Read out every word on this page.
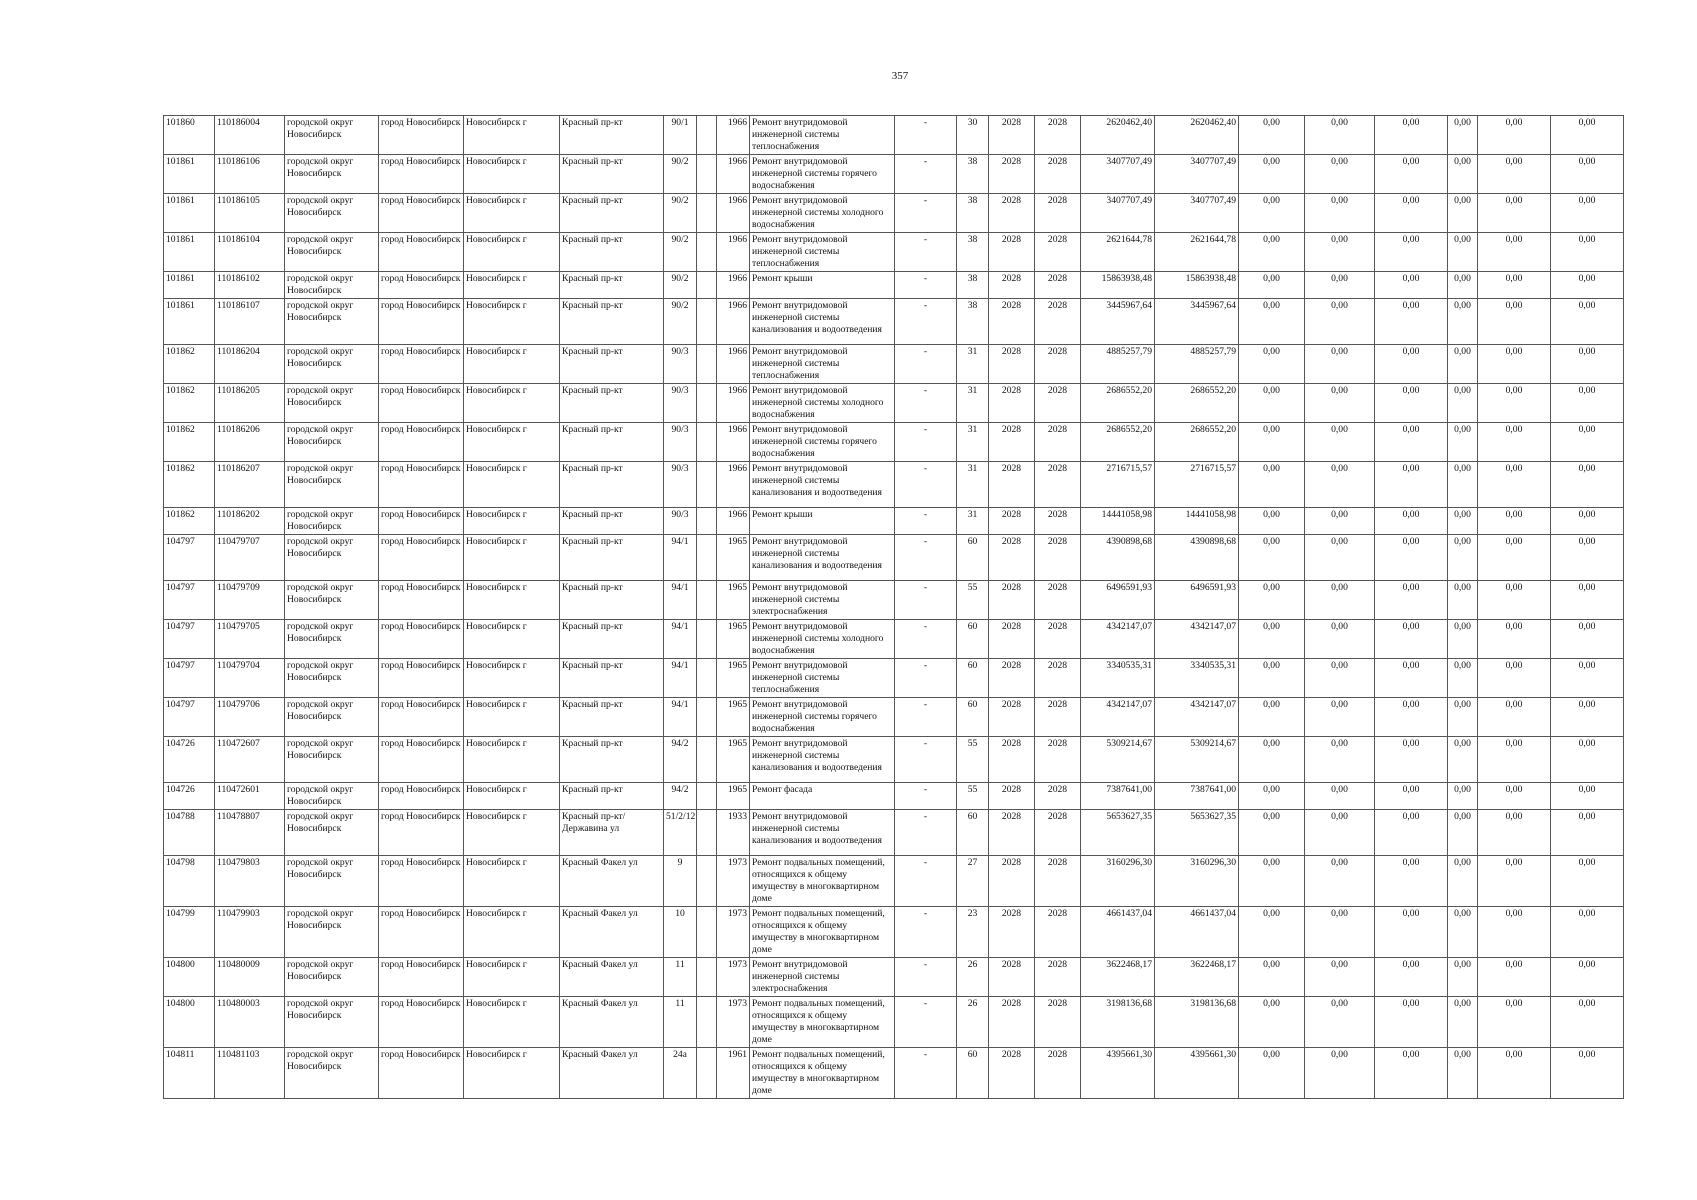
357
101860	110186004	городской округ Новосибирск	город Новосибирск	Новосибирск г	Красный пр-кт	90/1		1966	Ремонт внутридомовой инженерной системы теплоснабжения	-	30	2028	2028	2620462,40	2620462,40	0,00	0,00	0,00	0,00	0,00	0,00
101861	110186106	городской округ Новосибирск	город Новосибирск	Новосибирск г	Красный пр-кт	90/2		1966	Ремонт внутридомовой инженерной системы горячего водоснабжения	-	38	2028	2028	3407707,49	3407707,49	0,00	0,00	0,00	0,00	0,00	0,00
101861	110186105	городской округ Новосибирск	город Новосибирск	Новосибирск г	Красный пр-кт	90/2		1966	Ремонт внутридомовой инженерной системы холодного водоснабжения	-	38	2028	2028	3407707,49	3407707,49	0,00	0,00	0,00	0,00	0,00	0,00
101861	110186104	городской округ Новосибирск	город Новосибирск	Новосибирск г	Красный пр-кт	90/2		1966	Ремонт внутридомовой инженерной системы теплоснабжения	-	38	2028	2028	2621644,78	2621644,78	0,00	0,00	0,00	0,00	0,00	0,00
101861	110186102	городской округ Новосибирск	город Новосибирск	Новосибирск г	Красный пр-кт	90/2		1966	Ремонт крыши	-	38	2028	2028	15863938,48	15863938,48	0,00	0,00	0,00	0,00	0,00	0,00
101861	110186107	городской округ Новосибирск	город Новосибирск	Новосибирск г	Красный пр-кт	90/2		1966	Ремонт внутридомовой инженерной системы канализования и водоотведения	-	38	2028	2028	3445967,64	3445967,64	0,00	0,00	0,00	0,00	0,00	0,00
101862	110186204	городской округ Новосибирск	город Новосибирск	Новосибирск г	Красный пр-кт	90/3		1966	Ремонт внутридомовой инженерной системы теплоснабжения	-	31	2028	2028	4885257,79	4885257,79	0,00	0,00	0,00	0,00	0,00	0,00
101862	110186205	городской округ Новосибирск	город Новосибирск	Новосибирск г	Красный пр-кт	90/3		1966	Ремонт внутридомовой инженерной системы холодного водоснабжения	-	31	2028	2028	2686552,20	2686552,20	0,00	0,00	0,00	0,00	0,00	0,00
101862	110186206	городской округ Новосибирск	город Новосибирск	Новосибирск г	Красный пр-кт	90/3		1966	Ремонт внутридомовой инженерной системы горячего водоснабжения	-	31	2028	2028	2686552,20	2686552,20	0,00	0,00	0,00	0,00	0,00	0,00
101862	110186207	городской округ Новосибирск	город Новосибирск	Новосибирск г	Красный пр-кт	90/3		1966	Ремонт внутридомовой инженерной системы канализования и водоотведения	-	31	2028	2028	2716715,57	2716715,57	0,00	0,00	0,00	0,00	0,00	0,00
101862	110186202	городской округ Новосибирск	город Новосибирск	Новосибирск г	Красный пр-кт	90/3		1966	Ремонт крыши	-	31	2028	2028	14441058,98	14441058,98	0,00	0,00	0,00	0,00	0,00	0,00
104797	110479707	городской округ Новосибирск	город Новосибирск	Новосибирск г	Красный пр-кт	94/1		1965	Ремонт внутридомовой инженерной системы канализования и водоотведения	-	60	2028	2028	4390898,68	4390898,68	0,00	0,00	0,00	0,00	0,00	0,00
104797	110479709	городской округ Новосибирск	город Новосибирск	Новосибирск г	Красный пр-кт	94/1		1965	Ремонт внутридомовой инженерной системы электроснабжения	-	55	2028	2028	6496591,93	6496591,93	0,00	0,00	0,00	0,00	0,00	0,00
104797	110479705	городской округ Новосибирск	город Новосибирск	Новосибирск г	Красный пр-кт	94/1		1965	Ремонт внутридомовой инженерной системы холодного водоснабжения	-	60	2028	2028	4342147,07	4342147,07	0,00	0,00	0,00	0,00	0,00	0,00
104797	110479704	городской округ Новосибирск	город Новосибирск	Новосибирск г	Красный пр-кт	94/1		1965	Ремонт внутридомовой инженерной системы теплоснабжения	-	60	2028	2028	3340535,31	3340535,31	0,00	0,00	0,00	0,00	0,00	0,00
104797	110479706	городской округ Новосибирск	город Новосибирск	Новосибирск г	Красный пр-кт	94/1		1965	Ремонт внутридомовой инженерной системы горячего водоснабжения	-	60	2028	2028	4342147,07	4342147,07	0,00	0,00	0,00	0,00	0,00	0,00
104726	110472607	городской округ Новосибирск	город Новосибирск	Новосибирск г	Красный пр-кт	94/2		1965	Ремонт внутридомовой инженерной системы канализования и водоотведения	-	55	2028	2028	5309214,67	5309214,67	0,00	0,00	0,00	0,00	0,00	0,00
104726	110472601	городской округ Новосибирск	город Новосибирск	Новосибирск г	Красный пр-кт	94/2		1965	Ремонт фасада	-	55	2028	2028	7387641,00	7387641,00	0,00	0,00	0,00	0,00	0,00	0,00
104788	110478807	городской округ Новосибирск	город Новосибирск	Новосибирск г	Красный пр-кт/Державина ул	51/2/12		1933	Ремонт внутридомовой инженерной системы канализования и водоотведения	-	60	2028	2028	5653627,35	5653627,35	0,00	0,00	0,00	0,00	0,00	0,00
104798	110479803	городской округ Новосибирск	город Новосибирск	Новосибирск г	Красный Факел ул	9		1973	Ремонт подвальных помещений, относящихся к общему имуществу в многоквартирном доме	-	27	2028	2028	3160296,30	3160296,30	0,00	0,00	0,00	0,00	0,00	0,00
104799	110479903	городской округ Новосибирск	город Новосибирск	Новосибирск г	Красный Факел ул	10		1973	Ремонт подвальных помещений, относящихся к общему имуществу в многоквартирном доме	-	23	2028	2028	4661437,04	4661437,04	0,00	0,00	0,00	0,00	0,00	0,00
104800	110480009	городской округ Новосибирск	город Новосибирск	Новосибирск г	Красный Факел ул	11		1973	Ремонт внутридомовой инженерной системы электроснабжения	-	26	2028	2028	3622468,17	3622468,17	0,00	0,00	0,00	0,00	0,00	0,00
104800	110480003	городской округ Новосибирск	город Новосибирск	Новосибирск г	Красный Факел ул	11		1973	Ремонт подвальных помещений, относящихся к общему имуществу в многоквартирном доме	-	26	2028	2028	3198136,68	3198136,68	0,00	0,00	0,00	0,00	0,00	0,00
104811	110481103	городской округ Новосибирск	город Новосибирск	Новосибирск г	Красный Факел ул	24а		1961	Ремонт подвальных помещений, относящихся к общему имуществу в многоквартирном доме	-	60	2028	2028	4395661,30	4395661,30	0,00	0,00	0,00	0,00	0,00	0,00
